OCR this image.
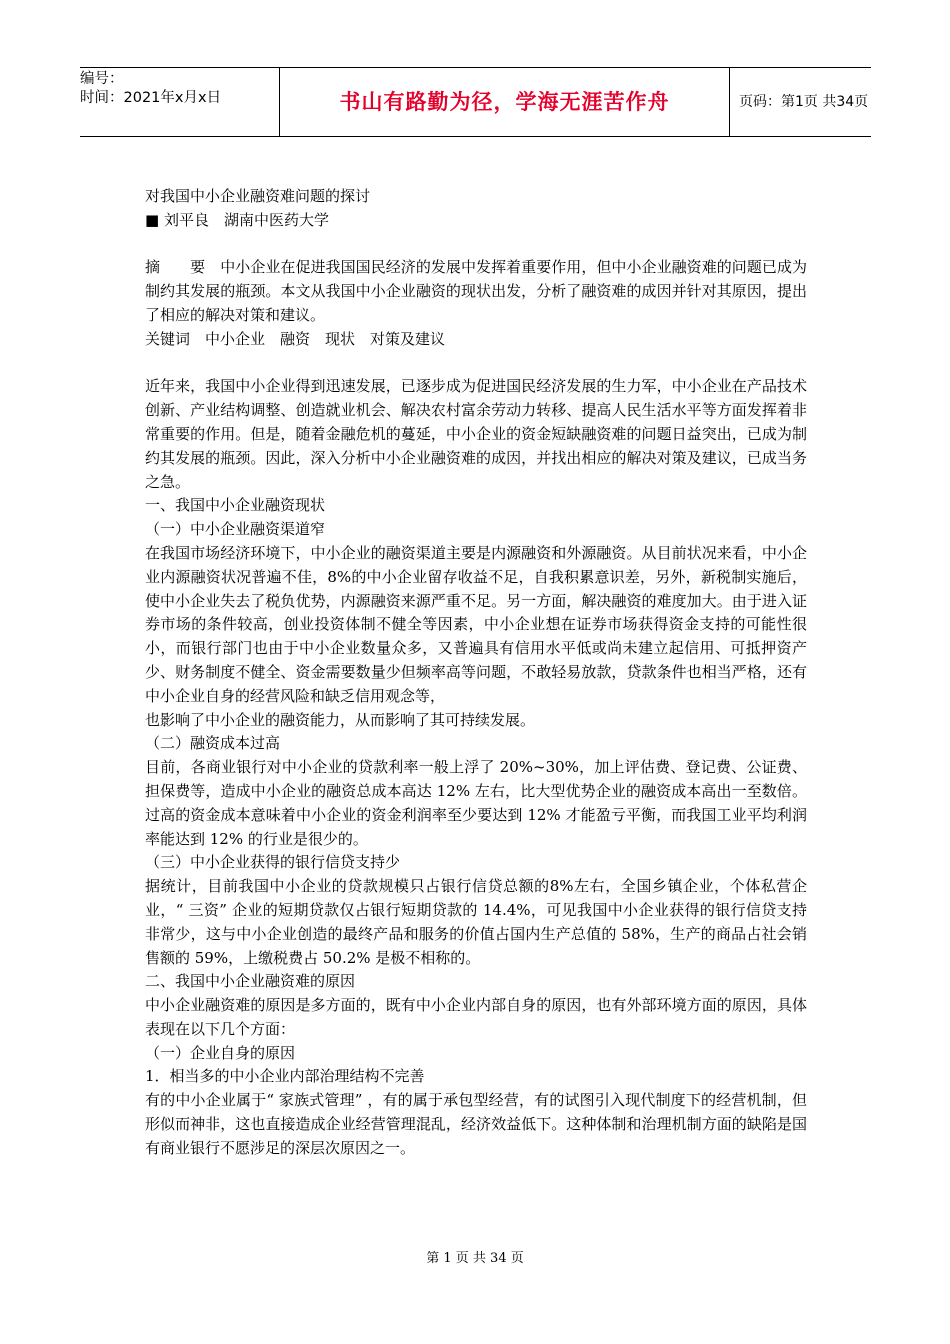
编号：
时间：2021年x月x日	书山有路勤为径，学海无涯苦作舟	页码：第1页 共34页

对我国中小企业融资难问题的探讨

■ 刘平良　湖南中医药大学

摘　　要　中小企业在促进我国国民经济的发展中发挥着重要作用，但中小企业融资难的问题已成为制约其发展的瓶颈。本文从我国中小企业融资的现状出发，分析了融资难的成因并针对其原因，提出了相应的解决对策和建议。

关键词　中小企业　融资　现状　对策及建议

近年来，我国中小企业得到迅速发展，已逐步成为促进国民经济发展的生力军，中小企业在产品技术创新、产业结构调整、创造就业机会、解决农村富余劳动力转移、提高人民生活水平等方面发挥着非常重要的作用。但是，随着金融危机的蔓延，中小企业的资金短缺融资难的问题日益突出，已成为制约其发展的瓶颈。因此，深入分析中小企业融资难的成因，并找出相应的解决对策及建议，已成当务之急。

一、我国中小企业融资现状

（一）中小企业融资渠道窄

在我国市场经济环境下，中小企业的融资渠道主要是内源融资和外源融资。从目前状况来看，中小企业内源融资状况普遍不佳，8%的中小企业留存收益不足，自我积累意识差，另外，新税制实施后，使中小企业失去了税负优势，内源融资来源严重不足。另一方面，解决融资的难度加大。由于进入证券市场的条件较高，创业投资体制不健全等因素，中小企业想在证券市场获得资金支持的可能性很小，而银行部门也由于中小企业数量众多，又普遍具有信用水平低或尚未建立起信用、可抵押资产少、财务制度不健全、资金需要数量少但频率高等问题，不敢轻易放款，贷款条件也相当严格，还有中小企业自身的经营风险和缺乏信用观念等，

也影响了中小企业的融资能力，从而影响了其可持续发展。

（二）融资成本过高

目前，各商业银行对中小企业的贷款利率一般上浮了 20%~30%，加上评估费、登记费、公证费、担保费等，造成中小企业的融资总成本高达 12% 左右，比大型优势企业的融资成本高出一至数倍。过高的资金成本意味着中小企业的资金利润率至少要达到 12% 才能盈亏平衡，而我国工业平均利润率能达到 12% 的行业是很少的。

（三）中小企业获得的银行信贷支持少

据统计，目前我国中小企业的贷款规模只占银行信贷总额的8%左右，全国乡镇企业，个体私营企业，“ 三资” 企业的短期贷款仅占银行短期贷款的 14.4%，可见我国中小企业获得的银行信贷支持非常少，这与中小企业创造的最终产品和服务的价值占国内生产总值的 58%，生产的商品占社会销售额的 59%，上缴税费占 50.2% 是极不相称的。

二、我国中小企业融资难的原因

中小企业融资难的原因是多方面的，既有中小企业内部自身的原因，也有外部环境方面的原因，具体表现在以下几个方面：

（一）企业自身的原因

1．相当多的中小企业内部治理结构不完善

有的中小企业属于“ 家族式管理” ，有的属于承包型经营，有的试图引入现代制度下的经营机制，但形似而神非，这也直接造成企业经营管理混乱，经济效益低下。这种体制和治理机制方面的缺陷是国有商业银行不愿涉足的深层次原因之一。

第 1 页 共 34 页
